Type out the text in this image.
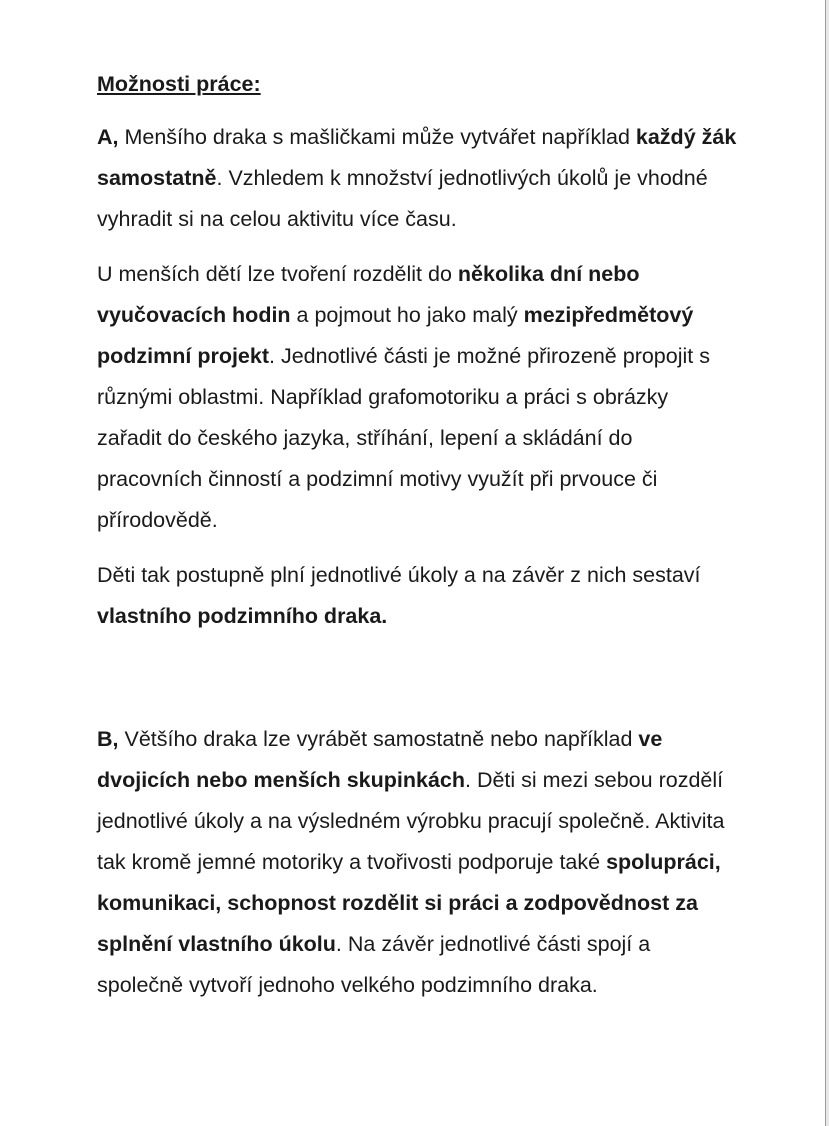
Možnosti práce:

A, Menšího draka s mašličkami může vytvářet například každý žák samostatně. Vzhledem k množství jednotlivých úkolů je vhodné vyhradit si na celou aktivitu více času.

U menších dětí lze tvoření rozdělit do několika dní nebo vyučovacích hodin a pojmout ho jako malý mezipředmětový podzimní projekt. Jednotlivé části je možné přirozeně propojit s různými oblastmi. Například grafomotoriku a práci s obrázky zařadit do českého jazyka, stříhání, lepení a skládání do pracovních činností a podzimní motivy využít při prvouce či přírodovědě.

Děti tak postupně plní jednotlivé úkoly a na závěr z nich sestaví vlastního podzimního draka.

B, Většího draka lze vyrábět samostatně nebo například ve dvojicích nebo menších skupinkách. Děti si mezi sebou rozdělí jednotlivé úkoly a na výsledném výrobku pracují společně. Aktivita tak kromě jemné motoriky a tvořivosti podporuje také spolupráci, komunikaci, schopnost rozdělit si práci a zodpovědnost za splnění vlastního úkolu. Na závěr jednotlivé části spojí a společně vytvoří jednoho velkého podzimního draka.
